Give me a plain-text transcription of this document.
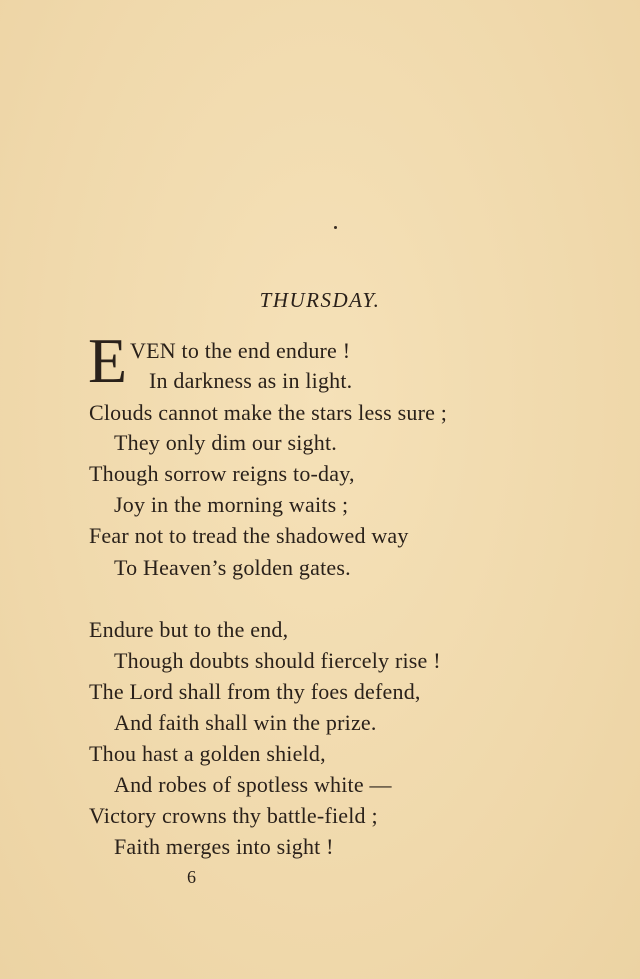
THURSDAY.
E VEN to the end endure !
In darkness as in light.
Clouds cannot make the stars less sure ;
They only dim our sight.
Though sorrow reigns to-day,
Joy in the morning waits ;
Fear not to tread the shadowed way
To Heaven’s golden gates.
Endure but to the end,
Though doubts should fiercely rise !
The Lord shall from thy foes defend,
And faith shall win the prize.
Thou hast a golden shield,
And robes of spotless white —
Victory crowns thy battle-field ;
Faith merges into sight !
6
